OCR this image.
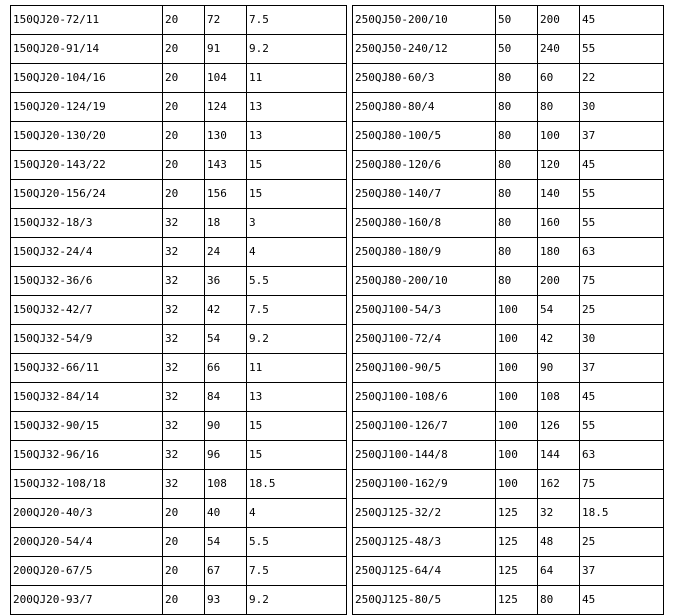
150QJ20-72/11	20	72	7.5		250QJ50-200/10	50	200	45
150QJ20-91/14	20	91	9.2		250QJ50-240/12	50	240	55
150QJ20-104/16	20	104	11		250QJ80-60/3	80	60	22
150QJ20-124/19	20	124	13		250QJ80-80/4	80	80	30
150QJ20-130/20	20	130	13		250QJ80-100/5	80	100	37
150QJ20-143/22	20	143	15		250QJ80-120/6	80	120	45
150QJ20-156/24	20	156	15		250QJ80-140/7	80	140	55
150QJ32-18/3	32	18	3		250QJ80-160/8	80	160	55
150QJ32-24/4	32	24	4		250QJ80-180/9	80	180	63
150QJ32-36/6	32	36	5.5		250QJ80-200/10	80	200	75
150QJ32-42/7	32	42	7.5		250QJ100-54/3	100	54	25
150QJ32-54/9	32	54	9.2		250QJ100-72/4	100	42	30
150QJ32-66/11	32	66	11		250QJ100-90/5	100	90	37
150QJ32-84/14	32	84	13		250QJ100-108/6	100	108	45
150QJ32-90/15	32	90	15		250QJ100-126/7	100	126	55
150QJ32-96/16	32	96	15		250QJ100-144/8	100	144	63
150QJ32-108/18	32	108	18.5		250QJ100-162/9	100	162	75
200QJ20-40/3	20	40	4		250QJ125-32/2	125	32	18.5
200QJ20-54/4	20	54	5.5		250QJ125-48/3	125	48	25
200QJ20-67/5	20	67	7.5		250QJ125-64/4	125	64	37
200QJ20-93/7	20	93	9.2		250QJ125-80/5	125	80	45
